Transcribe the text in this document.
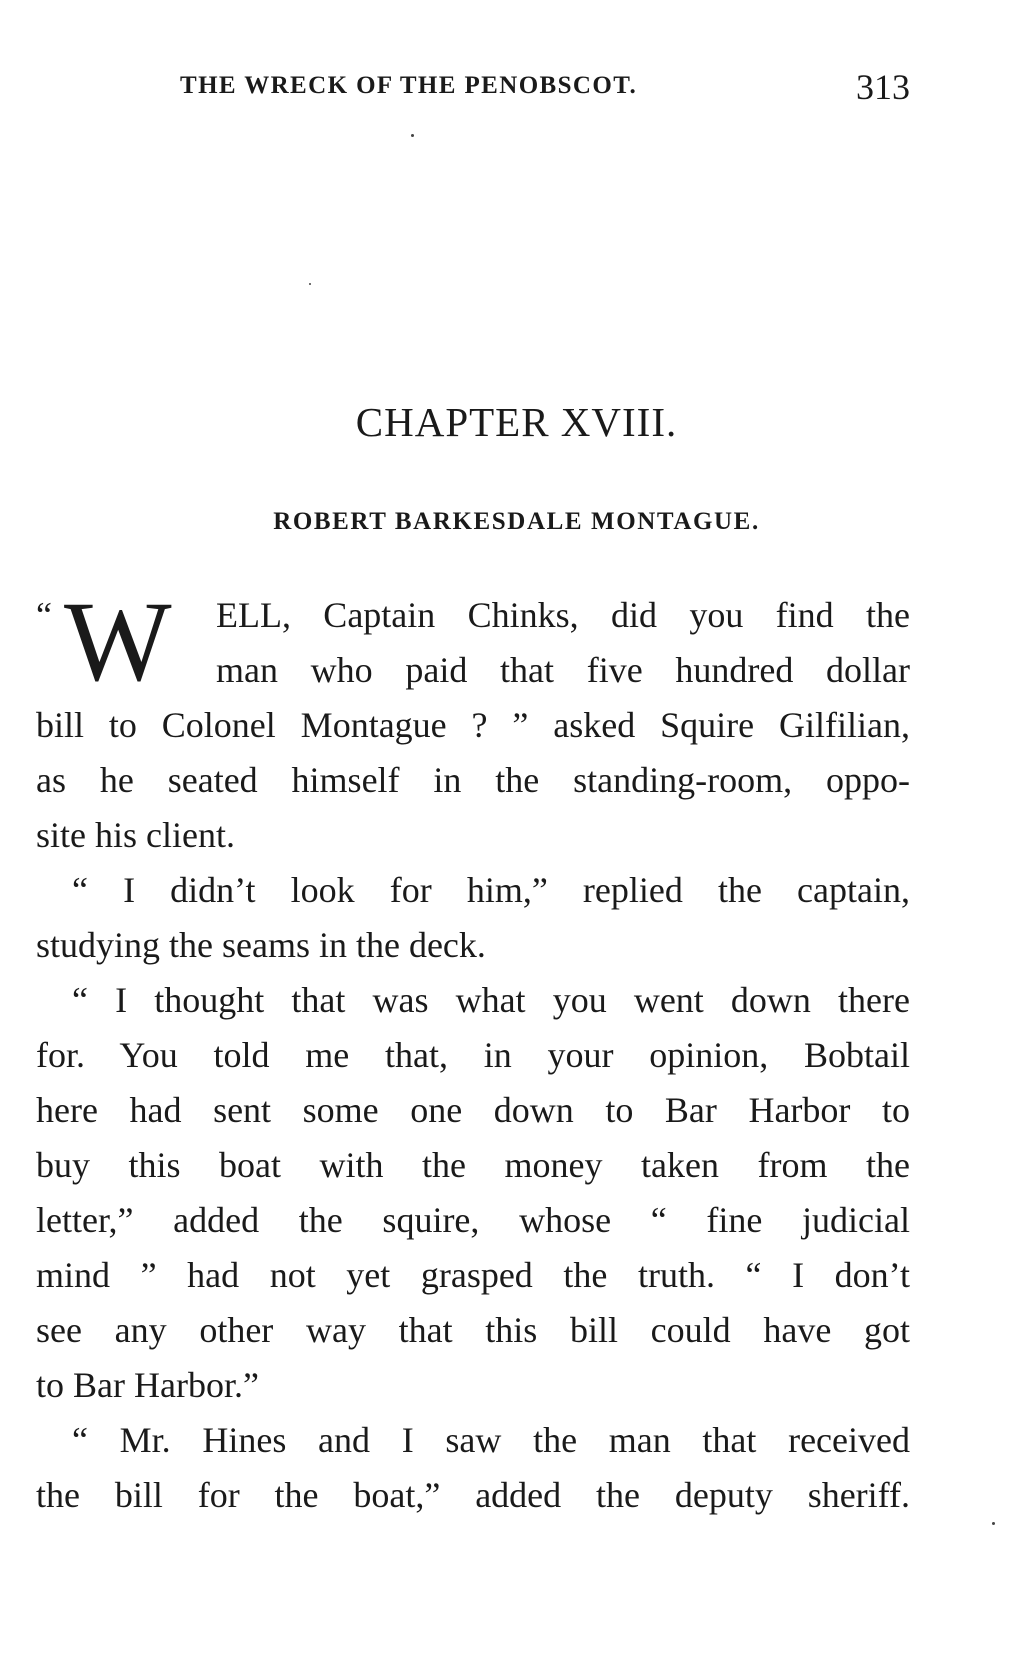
THE WRECK OF THE PENOBSCOT.	313
CHAPTER XVIII.
ROBERT BARKESDALE MONTAGUE.
“ W	ELL, Captain Chinks, did you find the
man who paid that five hundred dollar
bill to Colonel Montague ? ” asked Squire Gilfilian,
as he seated himself in the standing-room, oppo-
site his client.
“ I didn’t look for him,” replied the captain,
studying the seams in the deck.
“ I thought that was what you went down there
for. You told me that, in your opinion, Bobtail
here had sent some one down to Bar Harbor to
buy this boat with the money taken from the
letter,” added the squire, whose “ fine judicial
mind ” had not yet grasped the truth. “ I don’t
see any other way that this bill could have got
to Bar Harbor.”
“ Mr. Hines and I saw the man that received
the bill for the boat,” added the deputy sheriff.
